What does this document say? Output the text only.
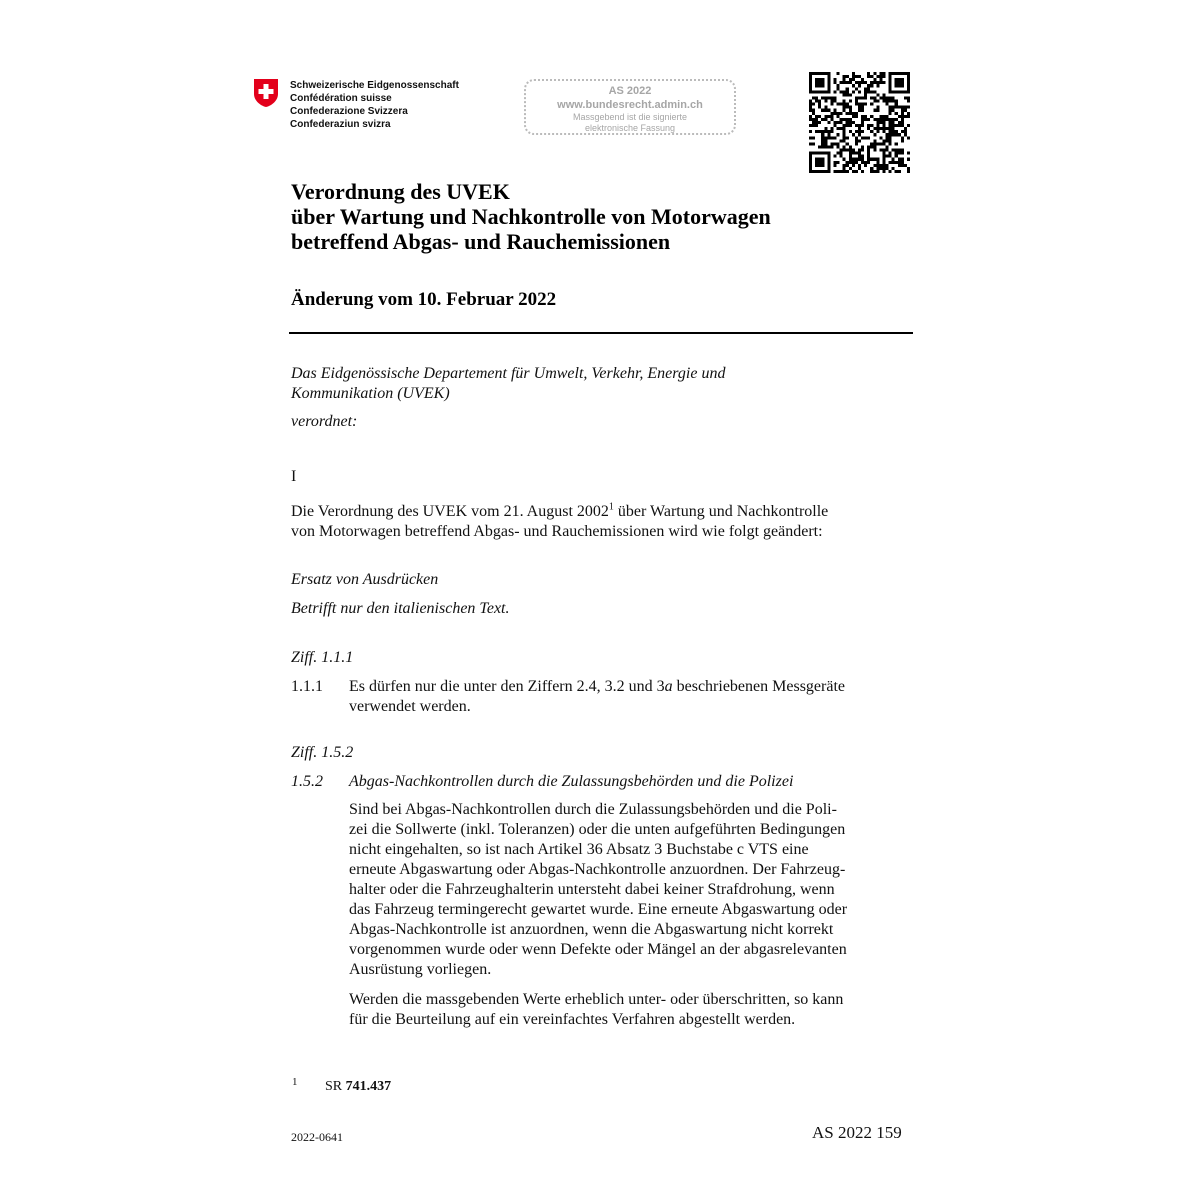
Schweizerische Eidgenossenschaft
Confédération suisse
Confederazione Svizzera
Confederaziun svizra
AS 2022
www.bundesrecht.admin.ch
Massgebend ist die signierte
elektronische Fassung
Verordnung des UVEK
über Wartung und Nachkontrolle von Motorwagen
betreffend Abgas- und Rauchemissionen
Änderung vom 10. Februar 2022
Das Eidgenössische Departement für Umwelt, Verkehr, Energie und
Kommunikation (UVEK)
verordnet:
I
Die Verordnung des UVEK vom 21. August 2002$^1$ über Wartung und Nachkontrolle
von Motorwagen betreffend Abgas- und Rauchemissionen wird wie folgt geändert:
Ersatz von Ausdrücken
Betrifft nur den italienischen Text.
Ziff. 1.1.1
1.1.1 Es dürfen nur die unter den Ziffern 2.4, 3.2 und 3a beschriebenen Messgeräte
verwendet werden.
Ziff. 1.5.2
1.5.2 Abgas-Nachkontrollen durch die Zulassungsbehörden und die Polizei
Sind bei Abgas-Nachkontrollen durch die Zulassungsbehörden und die Poli-
zei die Sollwerte (inkl. Toleranzen) oder die unten aufgeführten Bedingungen
nicht eingehalten, so ist nach Artikel 36 Absatz 3 Buchstabe c VTS eine
erneute Abgaswartung oder Abgas-Nachkontrolle anzuordnen. Der Fahrzeug-
halter oder die Fahrzeughalterin untersteht dabei keiner Strafdrohung, wenn
das Fahrzeug termingerecht gewartet wurde. Eine erneute Abgaswartung oder
Abgas-Nachkontrolle ist anzuordnen, wenn die Abgaswartung nicht korrekt
vorgenommen wurde oder wenn Defekte oder Mängel an der abgasrelevanten
Ausrüstung vorliegen.
Werden die massgebenden Werte erheblich unter- oder überschritten, so kann
für die Beurteilung auf ein vereinfachtes Verfahren abgestellt werden.
1 SR 741.437
2022-0641	AS 2022 159
